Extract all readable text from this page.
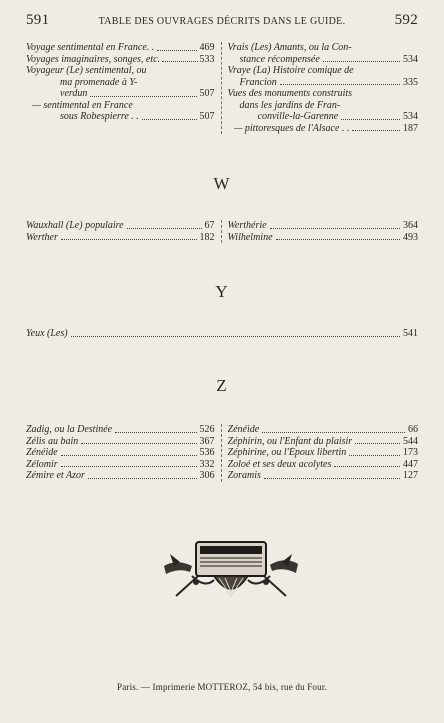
591	TABLE DES OUVRAGES DÉCRITS DANS LE GUIDE.	592
Voyage sentimental en France. .	469
Voyages imaginaires, songes, etc.	533
Voyageur (Le) sentimental, ou
ma promenade à Y-
verdun	507
— sentimental en France
sous Robespierre . .	507
Vrais (Les) Amants, ou la Con-
stance récompensée	534
Vraye (La) Histoire comique de
Francion	335
Vues des monuments construits
dans les jardins de Fran-
conville-la-Garenne	534
— pittoresques de l'Alsace . .	187
W
Wauxhall (Le) populaire	67
Werther	182
Werthérie	364
Wilhelmine	493
Y
Yeux (Les)	541
Z
Zadig, ou la Destinée	526
Zélis au bain	367
Zénéide	536
Zélomir	332
Zémire et Azor	306
Zénéide	66
Zéphirin, ou l'Enfant du plaisir	544
Zéphirine, ou l'Époux libertin	173
Zoloé et ses deux acolytes	447
Zoramis	127
Paris. — Imprimerie MOTTEROZ, 54 bis, rue du Four.
